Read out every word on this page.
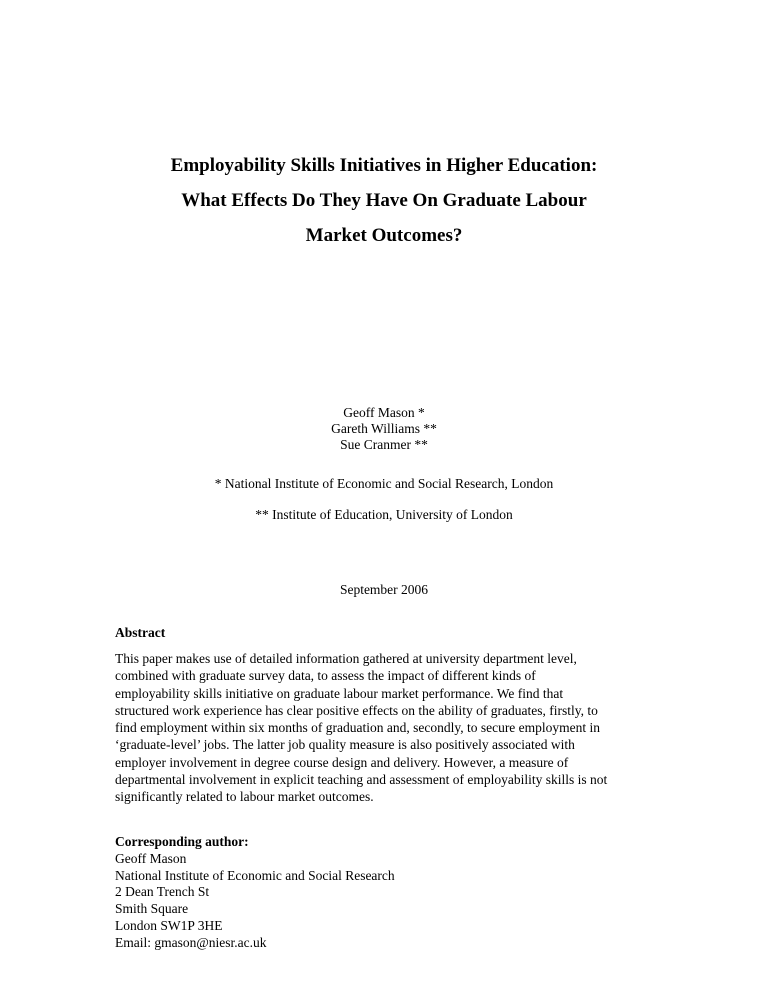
Employability Skills Initiatives in Higher Education:
What Effects Do They Have On Graduate Labour
Market Outcomes?
Geoff Mason *
Gareth Williams **
Sue Cranmer **
* National Institute of Economic and Social Research, London
** Institute of Education, University of London
September 2006
Abstract
This paper makes use of detailed information gathered at university department level,
combined with graduate survey data, to assess the impact of different kinds of
employability skills initiative on graduate labour market performance. We find that
structured work experience has clear positive effects on the ability of graduates, firstly, to
find employment within six months of graduation and, secondly, to secure employment in
‘graduate-level’ jobs. The latter job quality measure is also positively associated with
employer involvement in degree course design and delivery. However, a measure of
departmental involvement in explicit teaching and assessment of employability skills is not
significantly related to labour market outcomes.
Corresponding author:
Geoff Mason
National Institute of Economic and Social Research
2 Dean Trench St
Smith Square
London SW1P 3HE
Email: gmason@niesr.ac.uk
